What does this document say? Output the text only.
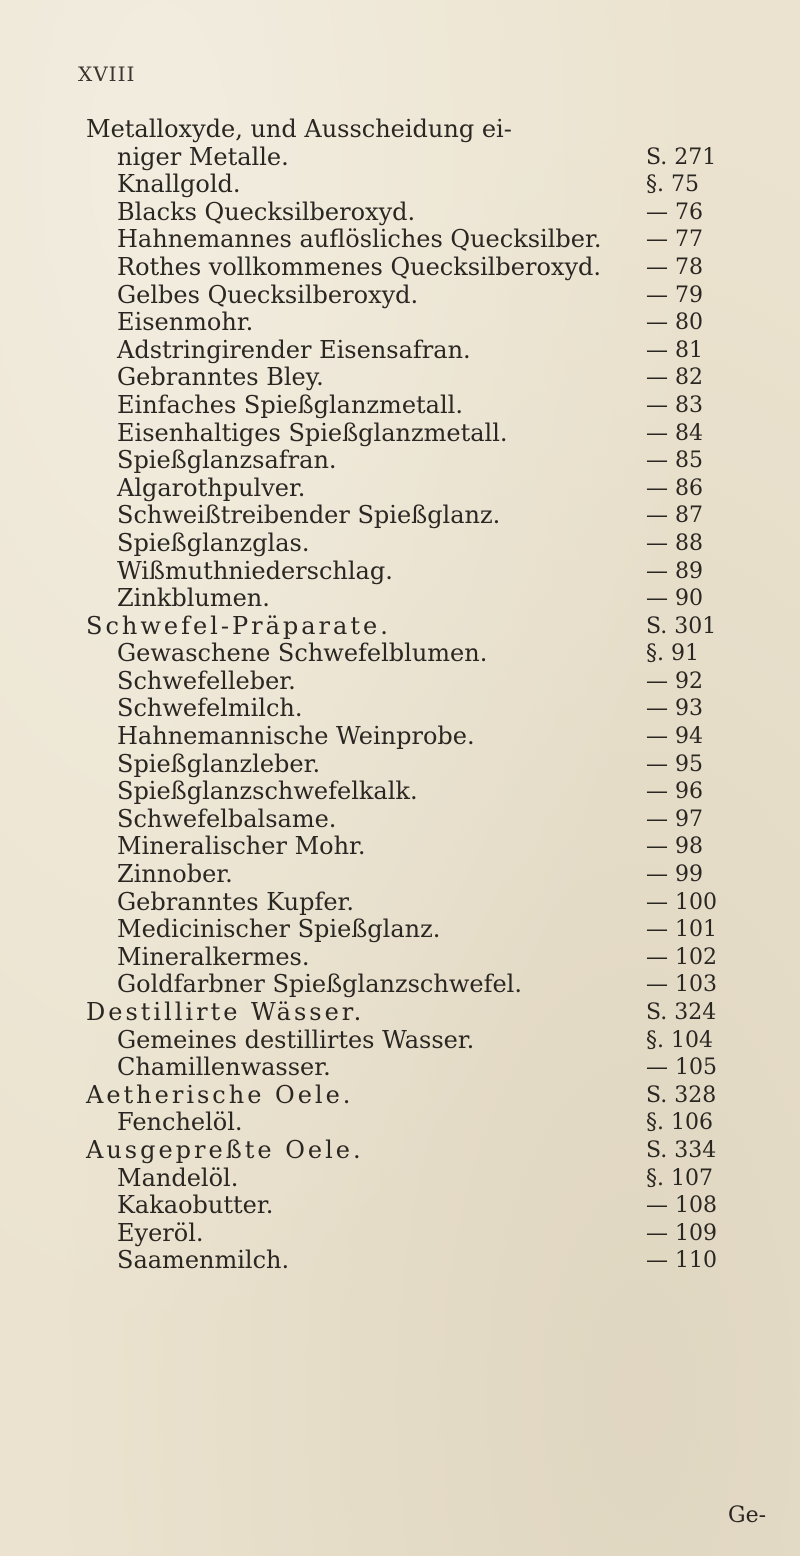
XVIII
Metalloxyde, und Ausscheidung ei-
niger Metalle.	S. 271
Knallgold.	§. 75
Blacks Quecksilberoxyd.	— 76
Hahnemannes auflösliches Quecksilber. — 77
Rothes vollkommenes Quecksilberoxyd. — 78
Gelbes Quecksilberoxyd.	— 79
Eisenmohr.	— 80
Adstringirender Eisensafran.	— 81
Gebranntes Bley.	— 82
Einfaches Spießglanzmetall.	— 83
Eisenhaltiges Spießglanzmetall.	— 84
Spießglanzsafran.	— 85
Algarothpulver.	— 86
Schweißtreibender Spießglanz.	— 87
Spießglanzglas.	— 88
Wißmuthniederschlag.	— 89
Zinkblumen.	— 90
Schwefel-Präparate.	S. 301
Gewaschene Schwefelblumen.	§. 91
Schwefelleber.	— 92
Schwefelmilch.	— 93
Hahnemannische Weinprobe.	— 94
Spießglanzleber.	— 95
Spießglanzschwefelkalk.	— 96
Schwefelbalsame.	— 97
Mineralischer Mohr.	— 98
Zinnober.	— 99
Gebranntes Kupfer.	— 100
Medicinischer Spießglanz.	— 101
Mineralkermes.	— 102
Goldfarbner Spießglanzschwefel.	— 103
Destillirte Wässer.	S. 324
Gemeines destillirtes Wasser.	§. 104
Chamillenwasser.	— 105
Aetherische Oele.	S. 328
Fenchelöl.	§. 106
Ausgepreßte Oele.	S. 334
Mandelöl.	§. 107
Kakaobutter.	— 108
Eyeröl.	— 109
Saamenmilch.	— 110
Ge-
